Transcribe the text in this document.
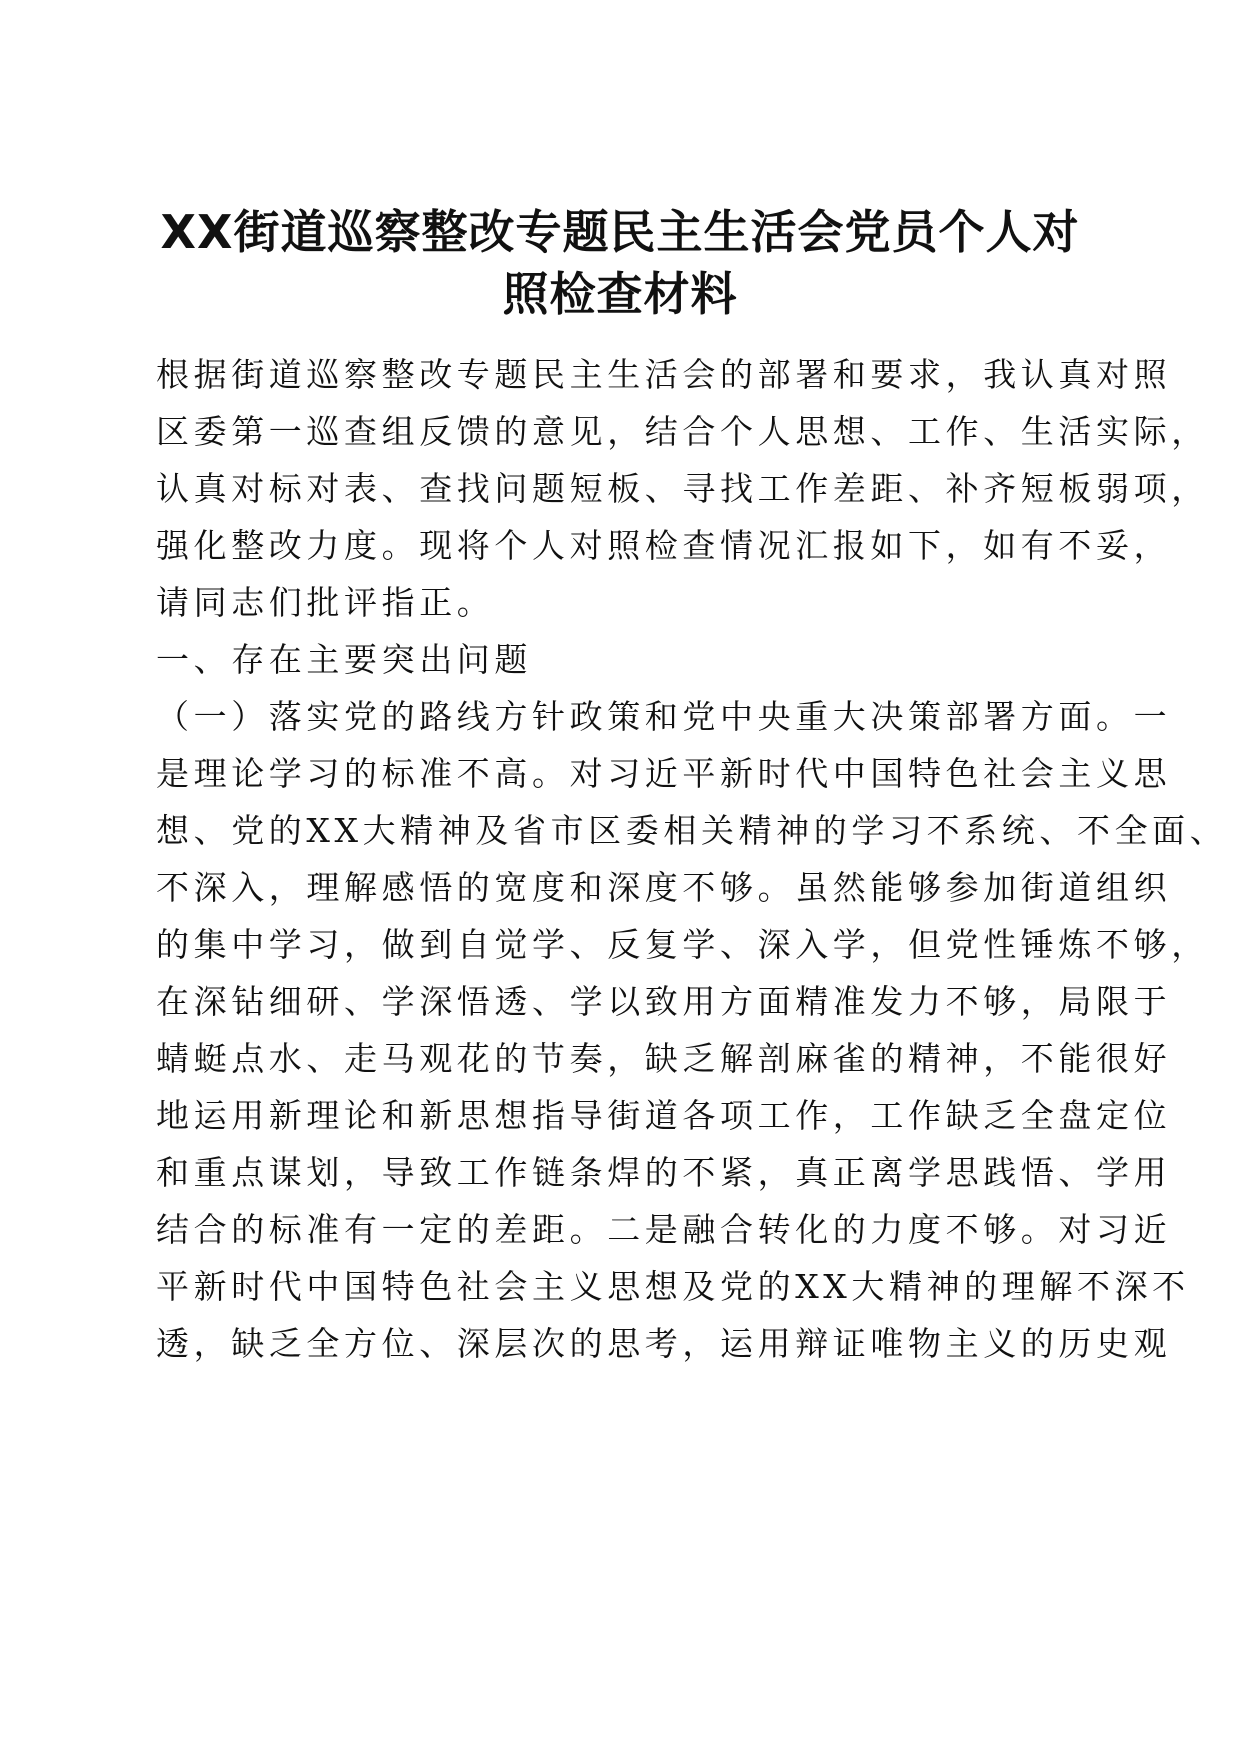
XX街道巡察整改专题民主生活会党员个人对
照检查材料

根据街道巡察整改专题民主生活会的部署和要求，我认真对照

区委第一巡查组反馈的意见，结合个人思想、工作、生活实际，

认真对标对表、查找问题短板、寻找工作差距、补齐短板弱项，

强化整改力度。现将个人对照检查情况汇报如下，如有不妥，

请同志们批评指正。

一、存在主要突出问题

（一）落实党的路线方针政策和党中央重大决策部署方面。一

是理论学习的标准不高。对习近平新时代中国特色社会主义思

想、党的XX大精神及省市区委相关精神的学习不系统、不全面、

不深入，理解感悟的宽度和深度不够。虽然能够参加街道组织

的集中学习，做到自觉学、反复学、深入学，但党性锤炼不够，

在深钻细研、学深悟透、学以致用方面精准发力不够，局限于

蜻蜓点水、走马观花的节奏，缺乏解剖麻雀的精神，不能很好

地运用新理论和新思想指导街道各项工作，工作缺乏全盘定位

和重点谋划，导致工作链条焊的不紧，真正离学思践悟、学用

结合的标准有一定的差距。二是融合转化的力度不够。对习近

平新时代中国特色社会主义思想及党的XX大精神的理解不深不

透，缺乏全方位、深层次的思考，运用辩证唯物主义的历史观
